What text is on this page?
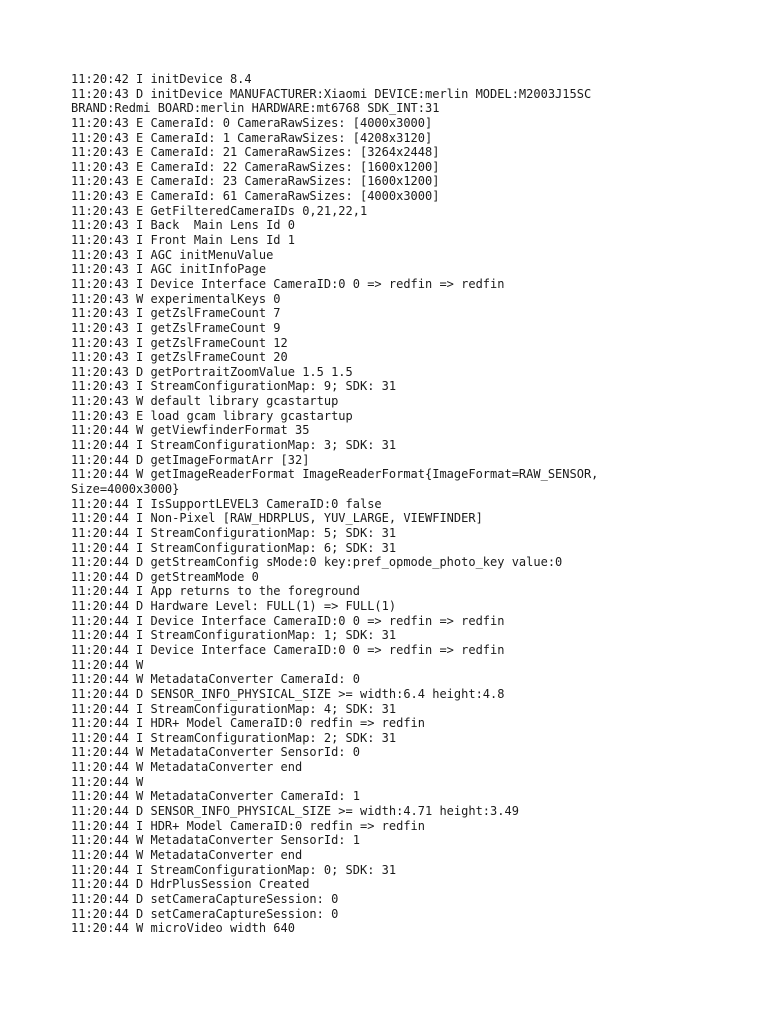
11:20:42 I initDevice 8.4
11:20:43 D initDevice MANUFACTURER:Xiaomi DEVICE:merlin MODEL:M2003J15SC
BRAND:Redmi BOARD:merlin HARDWARE:mt6768 SDK_INT:31
11:20:43 E CameraId: 0 CameraRawSizes: [4000x3000]
11:20:43 E CameraId: 1 CameraRawSizes: [4208x3120]
11:20:43 E CameraId: 21 CameraRawSizes: [3264x2448]
11:20:43 E CameraId: 22 CameraRawSizes: [1600x1200]
11:20:43 E CameraId: 23 CameraRawSizes: [1600x1200]
11:20:43 E CameraId: 61 CameraRawSizes: [4000x3000]
11:20:43 E GetFilteredCameraIDs 0,21,22,1
11:20:43 I Back  Main Lens Id 0
11:20:43 I Front Main Lens Id 1
11:20:43 I AGC initMenuValue
11:20:43 I AGC initInfoPage
11:20:43 I Device Interface CameraID:0 0 => redfin => redfin
11:20:43 W experimentalKeys 0
11:20:43 I getZslFrameCount 7
11:20:43 I getZslFrameCount 9
11:20:43 I getZslFrameCount 12
11:20:43 I getZslFrameCount 20
11:20:43 D getPortraitZoomValue 1.5 1.5
11:20:43 I StreamConfigurationMap: 9; SDK: 31
11:20:43 W default library gcastartup
11:20:43 E load gcam library gcastartup
11:20:44 W getViewfinderFormat 35
11:20:44 I StreamConfigurationMap: 3; SDK: 31
11:20:44 D getImageFormatArr [32]
11:20:44 W getImageReaderFormat ImageReaderFormat{ImageFormat=RAW_SENSOR,
Size=4000x3000}
11:20:44 I IsSupportLEVEL3 CameraID:0 false
11:20:44 I Non-Pixel [RAW_HDRPLUS, YUV_LARGE, VIEWFINDER]
11:20:44 I StreamConfigurationMap: 5; SDK: 31
11:20:44 I StreamConfigurationMap: 6; SDK: 31
11:20:44 D getStreamConfig sMode:0 key:pref_opmode_photo_key value:0
11:20:44 D getStreamMode 0
11:20:44 I App returns to the foreground
11:20:44 D Hardware Level: FULL(1) => FULL(1)
11:20:44 I Device Interface CameraID:0 0 => redfin => redfin
11:20:44 I StreamConfigurationMap: 1; SDK: 31
11:20:44 I Device Interface CameraID:0 0 => redfin => redfin
11:20:44 W
11:20:44 W MetadataConverter CameraId: 0
11:20:44 D SENSOR_INFO_PHYSICAL_SIZE >= width:6.4 height:4.8
11:20:44 I StreamConfigurationMap: 4; SDK: 31
11:20:44 I HDR+ Model CameraID:0 redfin => redfin
11:20:44 I StreamConfigurationMap: 2; SDK: 31
11:20:44 W MetadataConverter SensorId: 0
11:20:44 W MetadataConverter end
11:20:44 W
11:20:44 W MetadataConverter CameraId: 1
11:20:44 D SENSOR_INFO_PHYSICAL_SIZE >= width:4.71 height:3.49
11:20:44 I HDR+ Model CameraID:0 redfin => redfin
11:20:44 W MetadataConverter SensorId: 1
11:20:44 W MetadataConverter end
11:20:44 I StreamConfigurationMap: 0; SDK: 31
11:20:44 D HdrPlusSession Created
11:20:44 D setCameraCaptureSession: 0
11:20:44 D setCameraCaptureSession: 0
11:20:44 W microVideo width 640
